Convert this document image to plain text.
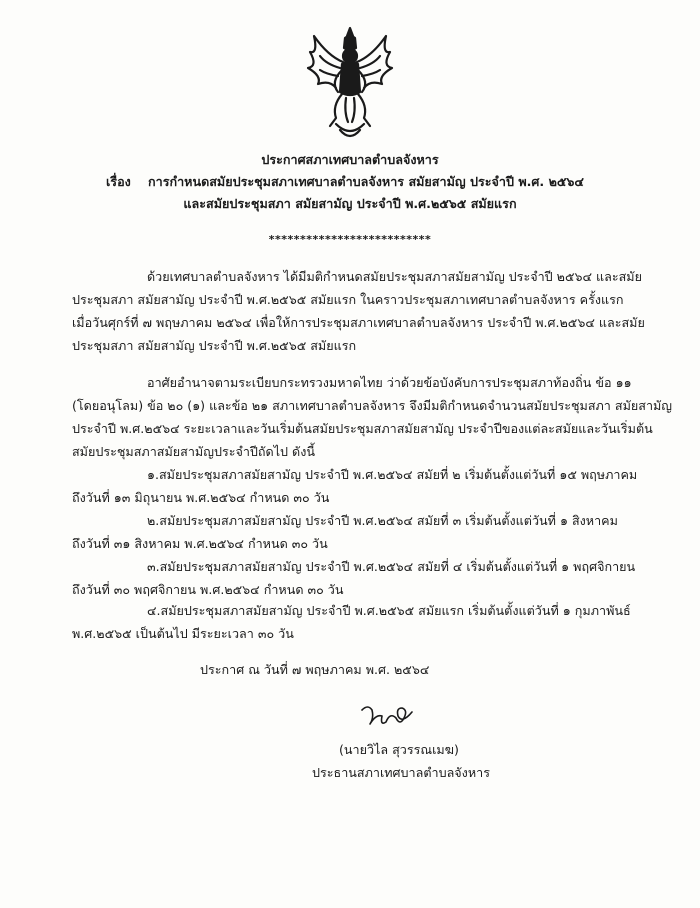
ประกาศสภาเทศบาลตำบลจังหาร
เรื่อง การกำหนดสมัยประชุมสภาเทศบาลตำบลจังหาร สมัยสามัญ ประจำปี พ.ศ. ๒๕๖๔
และสมัยประชุมสภา สมัยสามัญ ประจำปี พ.ศ.๒๕๖๕ สมัยแรก
**************************
ด้วยเทศบาลตำบลจังหาร ได้มีมติกำหนดสมัยประชุมสภาสมัยสามัญ ประจำปี ๒๕๖๔ และสมัย
ประชุมสภา สมัยสามัญ ประจำปี พ.ศ.๒๕๖๕ สมัยแรก ในคราวประชุมสภาเทศบาลตำบลจังหาร ครั้งแรก
เมื่อวันศุกร์ที่ ๗ พฤษภาคม ๒๕๖๔ เพื่อให้การประชุมสภาเทศบาลตำบลจังหาร ประจำปี พ.ศ.๒๕๖๔ และสมัย
ประชุมสภา สมัยสามัญ ประจำปี พ.ศ.๒๕๖๕ สมัยแรก
อาศัยอำนาจตามระเบียบกระทรวงมหาดไทย ว่าด้วยข้อบังคับการประชุมสภาท้องถิ่น ข้อ ๑๑
(โดยอนุโลม) ข้อ ๒๐ (๑) และข้อ ๒๑ สภาเทศบาลตำบลจังหาร จึงมีมติกำหนดจำนวนสมัยประชุมสภา สมัยสามัญ
ประจำปี พ.ศ.๒๕๖๔ ระยะเวลาและวันเริ่มต้นสมัยประชุมสภาสมัยสามัญ ประจำปีของแต่ละสมัยและวันเริ่มต้น
สมัยประชุมสภาสมัยสามัญประจำปีถัดไป ดังนี้
๑.สมัยประชุมสภาสมัยสามัญ ประจำปี พ.ศ.๒๕๖๔ สมัยที่ ๒ เริ่มต้นตั้งแต่วันที่ ๑๕ พฤษภาคม
ถึงวันที่ ๑๓ มิถุนายน พ.ศ.๒๕๖๔ กำหนด ๓๐ วัน
๒.สมัยประชุมสภาสมัยสามัญ ประจำปี พ.ศ.๒๕๖๔ สมัยที่ ๓ เริ่มต้นตั้งแต่วันที่ ๑ สิงหาคม
ถึงวันที่ ๓๑ สิงหาคม พ.ศ.๒๕๖๔ กำหนด ๓๐ วัน
๓.สมัยประชุมสภาสมัยสามัญ ประจำปี พ.ศ.๒๕๖๔ สมัยที่ ๔ เริ่มต้นตั้งแต่วันที่ ๑ พฤศจิกายน
ถึงวันที่ ๓๐ พฤศจิกายน พ.ศ.๒๕๖๔ กำหนด ๓๐ วัน
๔.สมัยประชุมสภาสมัยสามัญ ประจำปี พ.ศ.๒๕๖๕ สมัยแรก เริ่มต้นตั้งแต่วันที่ ๑ กุมภาพันธ์
พ.ศ.๒๕๖๕ เป็นต้นไป มีระยะเวลา ๓๐ วัน
ประกาศ ณ วันที่ ๗ พฤษภาคม พ.ศ. ๒๕๖๔
(นายวิไล สุวรรณเมฆ)
ประธานสภาเทศบาลตำบลจังหาร
